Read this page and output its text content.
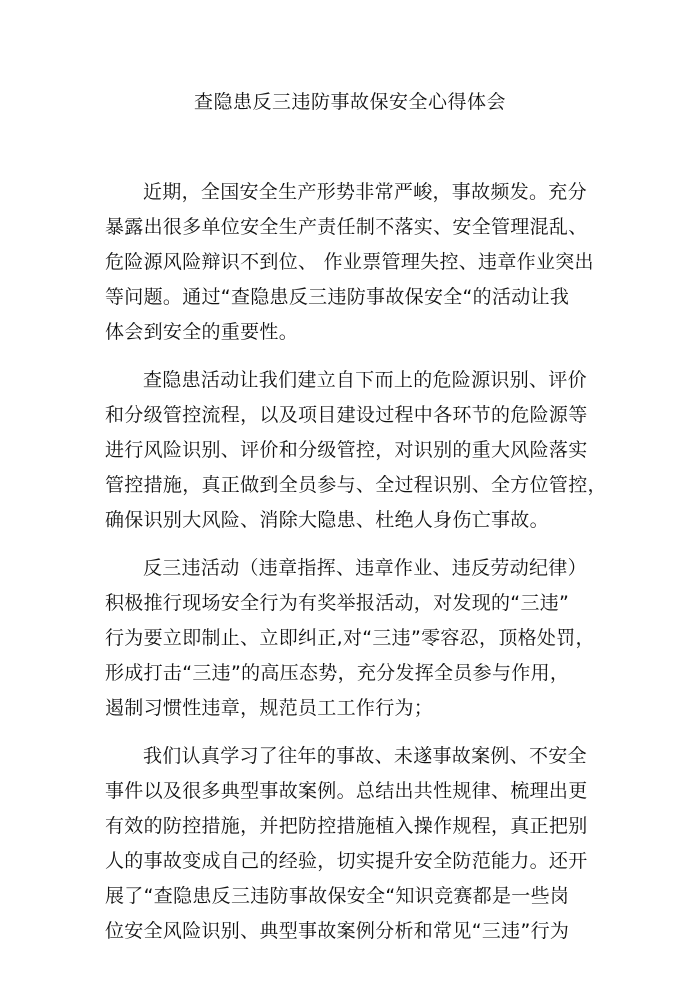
查隐患反三违防事故保安全心得体会
近期，全国安全生产形势非常严峻，事故频发。充分
暴露出很多单位安全生产责任制不落实、安全管理混乱、
危险源风险辩识不到位、 作业票管理失控、违章作业突出
等问题。通过“查隐患反三违防事故保安全“的活动让我
体会到安全的重要性。
查隐患活动让我们建立自下而上的危险源识别、评价
和分级管控流程，以及项目建设过程中各环节的危险源等
进行风险识别、评价和分级管控，对识别的重大风险落实
管控措施，真正做到全员参与、全过程识别、全方位管控，
确保识别大风险、消除大隐患、杜绝人身伤亡事故。
反三违活动（违章指挥、违章作业、违反劳动纪律）
积极推行现场安全行为有奖举报活动，对发现的“三违”
行为要立即制止、立即纠正,对“三违”零容忍，顶格处罚，
形成打击“三违”的高压态势，充分发挥全员参与作用，
遏制习惯性违章，规范员工工作行为；
我们认真学习了往年的事故、未遂事故案例、不安全
事件以及很多典型事故案例。总结出共性规律、梳理出更
有效的防控措施，并把防控措施植入操作规程，真正把别
人的事故变成自己的经验，切实提升安全防范能力。还开
展了“查隐患反三违防事故保安全“知识竞赛都是一些岗
位安全风险识别、典型事故案例分析和常见“三违”行为
